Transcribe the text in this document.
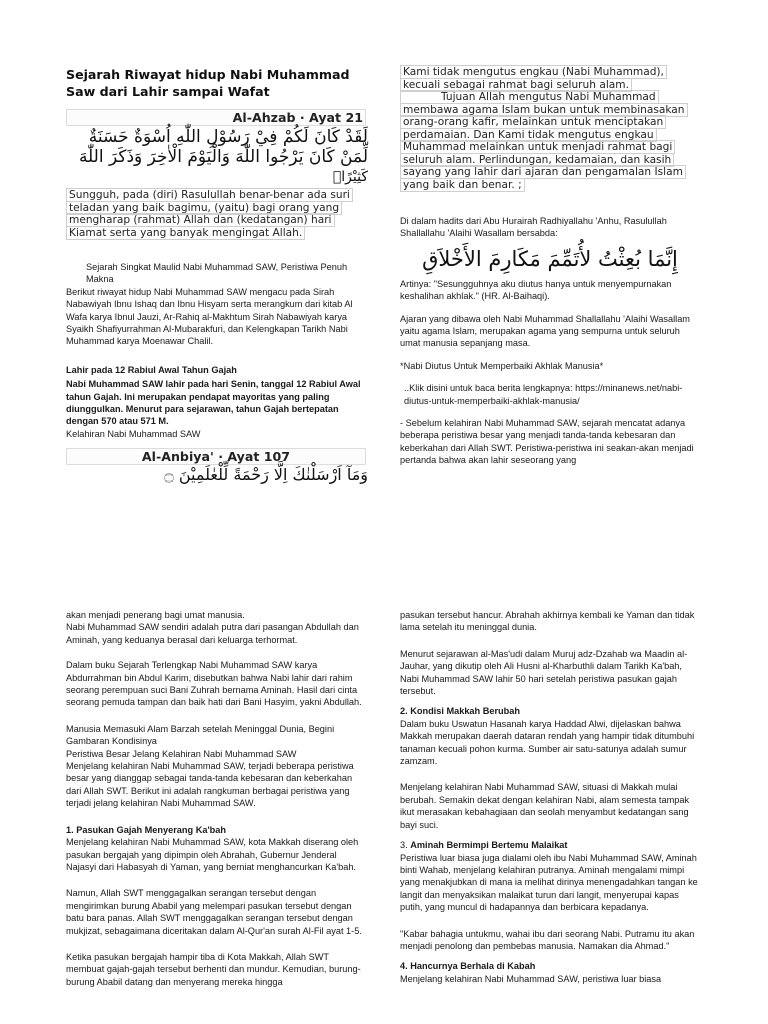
Sejarah Riwayat hidup Nabi Muhammad Saw dari Lahir sampai Wafat
Al-Ahzab · Ayat 21
لَقَدْ كَانَ لَكُمْ فِيْ رَسُوْلِ اللّٰهِ اُسْوَةٌ حَسَنَةٌ
لِّمَنْ كَانَ يَرْجُوا اللّٰهَ وَالْيَوْمَ الْاٰخِرَ وَذَكَرَ اللّٰهَ
كَثِيْرًاۗ
Sungguh, pada (diri) Rasulullah benar-benar ada suri teladan yang baik bagimu, (yaitu) bagi orang yang mengharap (rahmat) Allah dan (kedatangan) hari Kiamat serta yang banyak mengingat Allah.
Sejarah Singkat Maulid Nabi Muhammad SAW, Peristiwa Penuh Makna
Berikut riwayat hidup Nabi Muhammad SAW mengacu pada Sirah Nabawiyah Ibnu Ishaq dan Ibnu Hisyam serta merangkum dari kitab Al Wafa karya Ibnul Jauzi, Ar-Rahiq al-Makhtum Sirah Nabawiyah karya Syaikh Shafiyurrahman Al-Mubarakfuri, dan Kelengkapan Tarikh Nabi Muhammad karya Moenawar Chalil.
Lahir pada 12 Rabiul Awal Tahun Gajah
Nabi Muhammad SAW lahir pada hari Senin, tanggal 12 Rabiul Awal tahun Gajah. Ini merupakan pendapat mayoritas yang paling diunggulkan. Menurut para sejarawan, tahun Gajah bertepatan dengan 570 atau 571 M.
Kelahiran Nabi Muhammad SAW
Al-Anbiya' · Ayat 107
وَمَآ اَرْسَلْنٰكَ اِلَّا رَحْمَةً لِّلْعٰلَمِيْنَ ۝
Kami tidak mengutus engkau (Nabi Muhammad),
kecuali sebagai rahmat bagi seluruh alam.
Tujuan Allah mengutus Nabi Muhammad membawa agama Islam bukan untuk membinasakan orang-orang kafir, melainkan untuk menciptakan perdamaian. Dan Kami tidak mengutus engkau Muhammad melainkan untuk menjadi rahmat bagi seluruh alam. Perlindungan, kedamaian, dan kasih sayang yang lahir dari ajaran dan pengamalan Islam yang baik dan benar. ;
Di dalam hadits dari Abu Hurairah Radhiyallahu 'Anhu, Rasulullah Shallallahu 'Alaihi Wasallam bersabda:
إِنَّمَا بُعِثْتُ لأُتَمِّمَ مَكَارِمَ الأَخْلاَقِ
Artinya: "Sesungguhnya aku diutus hanya untuk menyempurnakan keshalihan akhlak." (HR. Al-Baihaqi).
Ajaran yang dibawa oleh Nabi Muhammad Shallallahu 'Alaihi Wasallam yaitu agama Islam, merupakan agama yang sempurna untuk seluruh umat manusia sepanjang masa.
*Nabi Diutus Untuk Memperbaiki Akhlak Manusia*
..Klik disini untuk baca berita lengkapnya: https://minanews.net/nabi-diutus-untuk-memperbaiki-akhlak-manusia/
- Sebelum kelahiran Nabi Muhammad SAW, sejarah mencatat adanya beberapa peristiwa besar yang menjadi tanda-tanda kebesaran dan keberkahan dari Allah SWT. Peristiwa-peristiwa ini seakan-akan menjadi pertanda bahwa akan lahir seseorang yang
akan menjadi penerang bagi umat manusia.
Nabi Muhammad SAW sendiri adalah putra dari pasangan Abdullah dan Aminah, yang keduanya berasal dari keluarga terhormat.
Dalam buku Sejarah Terlengkap Nabi Muhammad SAW karya Abdurrahman bin Abdul Karim, disebutkan bahwa Nabi lahir dari rahim seorang perempuan suci Bani Zuhrah bernama Aminah. Hasil dari cinta seorang pemuda tampan dan baik hati dari Bani Hasyim, yakni Abdullah.
Manusia Memasuki Alam Barzah setelah Meninggal Dunia, Begini Gambaran Kondisinya
Peristiwa Besar Jelang Kelahiran Nabi Muhammad SAW
Menjelang kelahiran Nabi Muhammad SAW, terjadi beberapa peristiwa besar yang dianggap sebagai tanda-tanda kebesaran dan keberkahan dari Allah SWT. Berikut ini adalah rangkuman berbagai peristiwa yang terjadi jelang kelahiran Nabi Muhammad SAW.
1. Pasukan Gajah Menyerang Ka'bah
Menjelang kelahiran Nabi Muhammad SAW, kota Makkah diserang oleh pasukan bergajah yang dipimpin oleh Abrahah, Gubernur Jenderal Najasyi dari Habasyah di Yaman, yang berniat menghancurkan Ka'bah.
Namun, Allah SWT menggagalkan serangan tersebut dengan mengirimkan burung Ababil yang melempari pasukan tersebut dengan batu bara panas. Allah SWT menggagalkan serangan tersebut dengan mukjizat, sebagaimana diceritakan dalam Al-Qur'an surah Al-Fil ayat 1-5.
Ketika pasukan bergajah hampir tiba di Kota Makkah, Allah SWT membuat gajah-gajah tersebut berhenti dan mundur. Kemudian, burung-burung Ababil datang dan menyerang mereka hingga
pasukan tersebut hancur. Abrahah akhirnya kembali ke Yaman dan tidak lama setelah itu meninggal dunia.
Menurut sejarawan al-Mas'udi dalam Muruj adz-Dzahab wa Maadin al-Jauhar, yang dikutip oleh Ali Husni al-Kharbuthli dalam Tarikh Ka'bah, Nabi Muhammad SAW lahir 50 hari setelah peristiwa pasukan gajah tersebut.
2. Kondisi Makkah Berubah
Dalam buku Uswatun Hasanah karya Haddad Alwi, dijelaskan bahwa Makkah merupakan daerah dataran rendah yang hampir tidak ditumbuhi tanaman kecuali pohon kurma. Sumber air satu-satunya adalah sumur zamzam.
Menjelang kelahiran Nabi Muhammad SAW, situasi di Makkah mulai berubah. Semakin dekat dengan kelahiran Nabi, alam semesta tampak ikut merasakan kebahagiaan dan seolah menyambut kedatangan sang bayi suci.
3. Aminah Bermimpi Bertemu Malaikat
Peristiwa luar biasa juga dialami oleh ibu Nabi Muhammad SAW, Aminah binti Wahab, menjelang kelahiran putranya. Aminah mengalami mimpi yang menakjubkan di mana ia melihat dirinya menengadahkan tangan ke langit dan menyaksikan malaikat turun dari langit, menyerupai kapas putih, yang muncul di hadapannya dan berbicara kepadanya.
"Kabar bahagia untukmu, wahai ibu dari seorang Nabi. Putramu itu akan menjadi penolong dan pembebas manusia. Namakan dia Ahmad."
4. Hancurnya Berhala di Kabah
Menjelang kelahiran Nabi Muhammad SAW, peristiwa luar biasa
